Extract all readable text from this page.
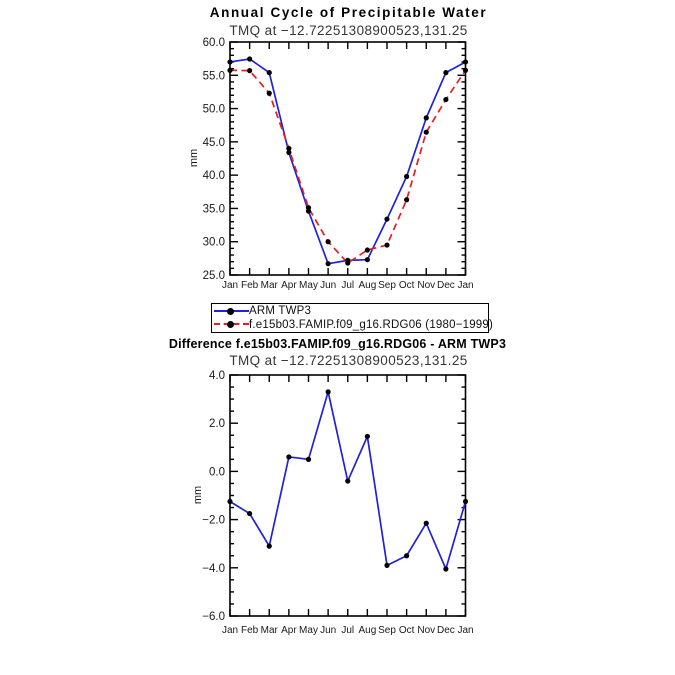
Annual Cycle of Precipitable Water
TMQ at −12.72251308900523,131.25
60.0
55.0
50.0
45.0
40.0
35.0
30.0
25.0
Jan Feb Mar Apr May Jun Jul Aug Sep Oct Nov Dec Jan
mm
ARM TWP3
f.e15b03.FAMIP.f09_g16.RDG06 (1980−1999)
Difference f.e15b03.FAMIP.f09_g16.RDG06 - ARM TWP3
TMQ at −12.72251308900523,131.25
4.0
2.0
0.0
−2.0
−4.0
−6.0
Jan Feb Mar Apr May Jun Jul Aug Sep Oct Nov Dec Jan
mm
